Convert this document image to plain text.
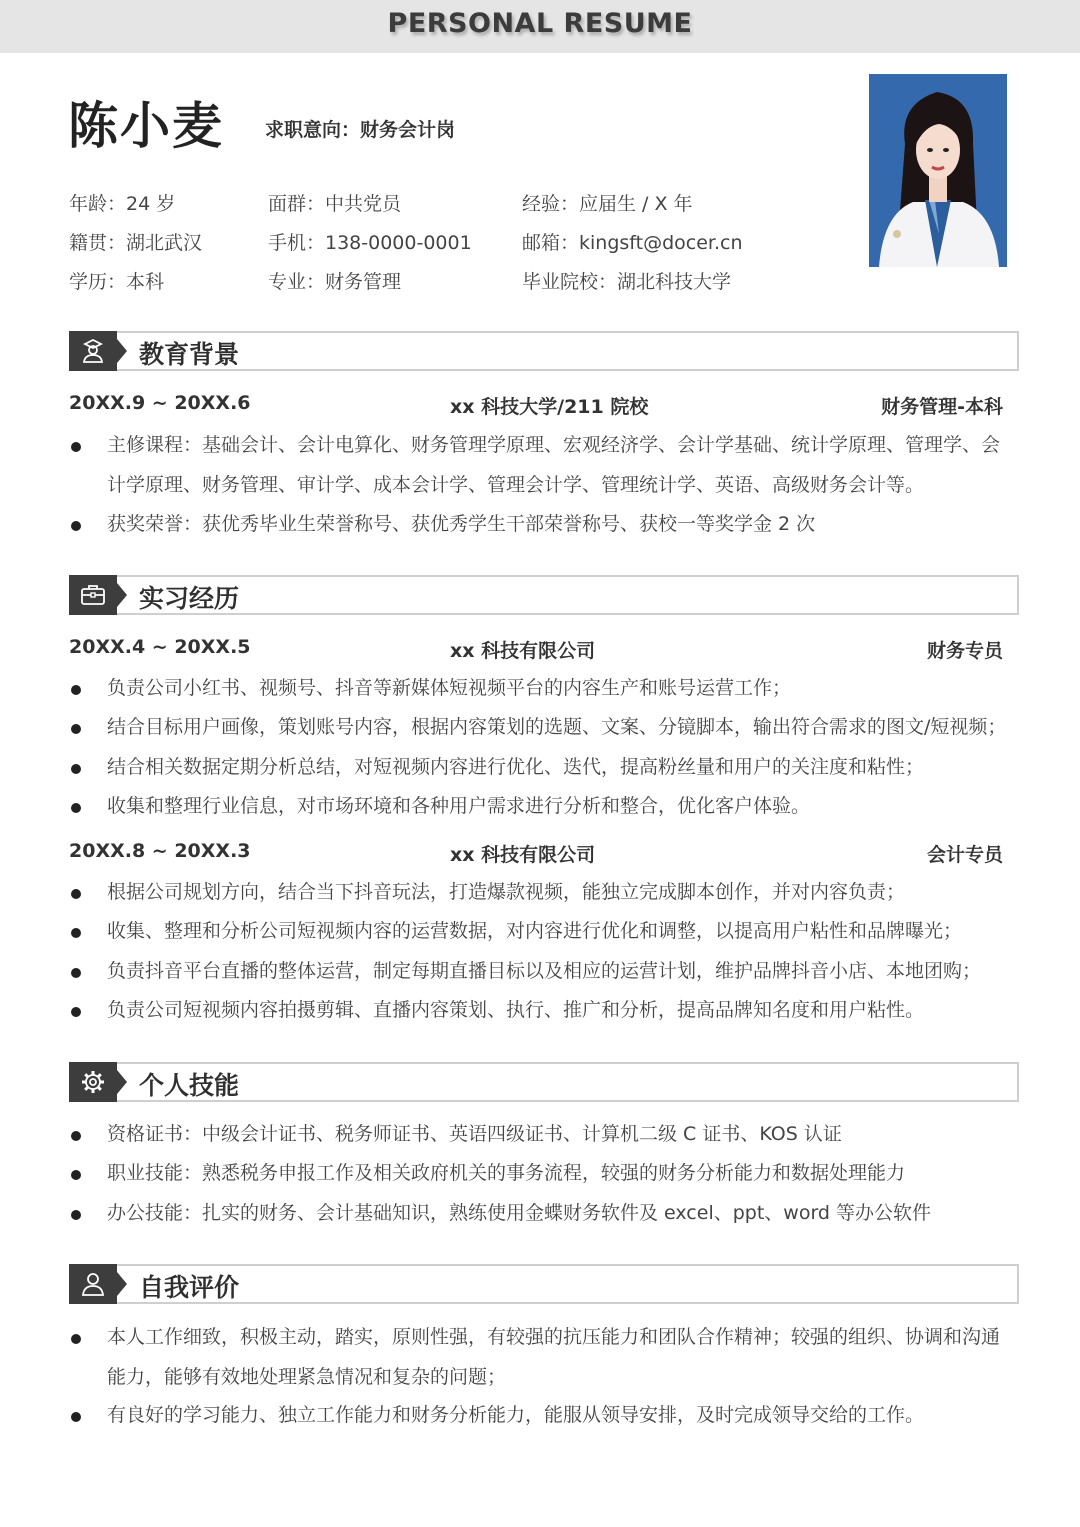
PERSONAL RESUME
陈小麦 求职意向：财务会计岗
年龄：24 岁	面群：中共党员	经验：应届生 / X 年
籍贯：湖北武汉	手机：138-0000-0001	邮箱：kingsft@docer.cn
学历：本科	专业：财务管理	毕业院校：湖北科技大学
教育背景
20XX.9 ~ 20XX.6	xx 科技大学/211 院校	财务管理-本科
主修课程：基础会计、会计电算化、财务管理学原理、宏观经济学、会计学基础、统计学原理、管理学、会计学原理、财务管理、审计学、成本会计学、管理会计学、管理统计学、英语、高级财务会计等。
获奖荣誉：获优秀毕业生荣誉称号、获优秀学生干部荣誉称号、获校一等奖学金 2 次
实习经历
20XX.4 ~ 20XX.5	xx 科技有限公司	财务专员
负责公司小红书、视频号、抖音等新媒体短视频平台的内容生产和账号运营工作；
结合目标用户画像，策划账号内容，根据内容策划的选题、文案、分镜脚本，输出符合需求的图文/短视频；
结合相关数据定期分析总结，对短视频内容进行优化、迭代，提高粉丝量和用户的关注度和粘性；
收集和整理行业信息，对市场环境和各种用户需求进行分析和整合，优化客户体验。
20XX.8 ~ 20XX.3	xx 科技有限公司	会计专员
根据公司规划方向，结合当下抖音玩法，打造爆款视频，能独立完成脚本创作，并对内容负责；
收集、整理和分析公司短视频内容的运营数据，对内容进行优化和调整，以提高用户粘性和品牌曝光；
负责抖音平台直播的整体运营，制定每期直播目标以及相应的运营计划，维护品牌抖音小店、本地团购；
负责公司短视频内容拍摄剪辑、直播内容策划、执行、推广和分析，提高品牌知名度和用户粘性。
个人技能
资格证书：中级会计证书、税务师证书、英语四级证书、计算机二级 C 证书、KOS 认证
职业技能：熟悉税务申报工作及相关政府机关的事务流程，较强的财务分析能力和数据处理能力
办公技能：扎实的财务、会计基础知识，熟练使用金蝶财务软件及 excel、ppt、word 等办公软件
自我评价
本人工作细致，积极主动，踏实，原则性强，有较强的抗压能力和团队合作精神；较强的组织、协调和沟通能力，能够有效地处理紧急情况和复杂的问题；
有良好的学习能力、独立工作能力和财务分析能力，能服从领导安排，及时完成领导交给的工作。
